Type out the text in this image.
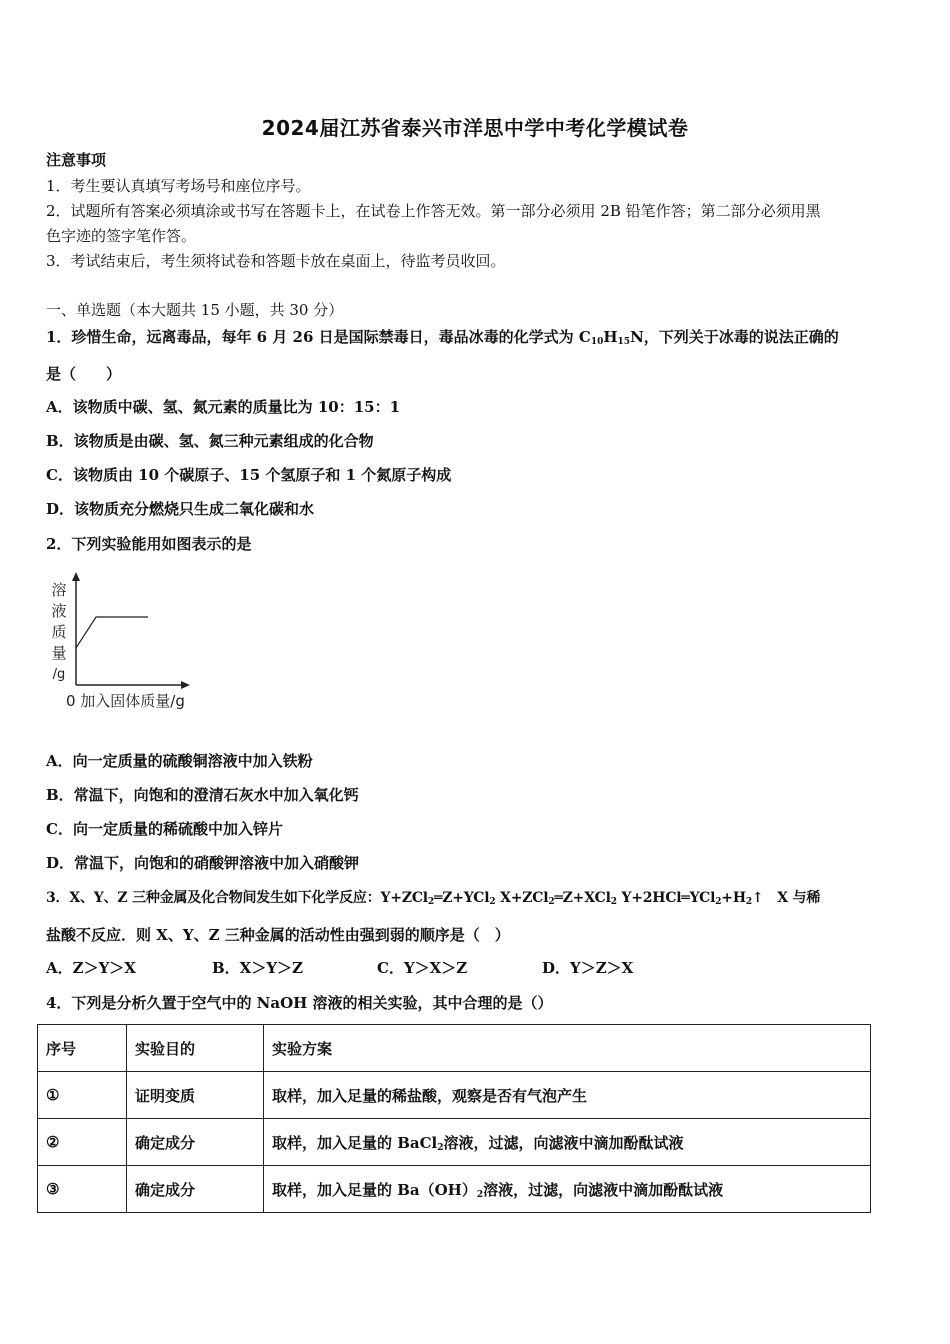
2024届江苏省泰兴市洋思中学中考化学模试卷
注意事项
1．考生要认真填写考场号和座位序号。
2．试题所有答案必须填涂或书写在答题卡上，在试卷上作答无效。第一部分必须用 2B 铅笔作答；第二部分必须用黑
色字迹的签字笔作答。
3．考试结束后，考生须将试卷和答题卡放在桌面上，待监考员收回。
一、单选题（本大题共 15 小题，共 30 分）
1．珍惜生命，远离毒品，每年 6 月 26 日是国际禁毒日，毒品冰毒的化学式为 $C_{10}H_{15}N$，下列关于冰毒的说法正确的
是（　　）
A．该物质中碳、氢、氮元素的质量比为 10：15：1
B．该物质是由碳、氢、氮三种元素组成的化合物
C．该物质由 10 个碳原子、15 个氢原子和 1 个氮原子构成
D．该物质充分燃烧只生成二氧化碳和水
2．下列实验能用如图表示的是
溶
液
质
量
/g
0 加入固体质量/g
A．向一定质量的硫酸铜溶液中加入铁粉
B．常温下，向饱和的澄清石灰水中加入氧化钙
C．向一定质量的稀硫酸中加入锌片
D．常温下，向饱和的硝酸钾溶液中加入硝酸钾
3．X、Y、Z 三种金属及化合物间发生如下化学反应：Y+ZCl$_2$═Z+YCl$_2$ X+ZCl$_2$═Z+XCl$_2$ $Y+2HCl═YCl_2+H_2↑$　X 与稀
盐酸不反应．则 X、Y、Z 三种金属的活动性由强到弱的顺序是（　）
A．Z＞Y＞X	B．X＞Y＞Z	C．Y＞X＞Z	D．Y＞Z＞X
4．下列是分析久置于空气中的 NaOH 溶液的相关实验，其中合理的是（）
序号	实验目的	实验方案
①	证明变质	取样，加入足量的稀盐酸，观察是否有气泡产生
②	确定成分	取样，加入足量的 BaCl$_2$溶液，过滤，向滤液中滴加酚酞试液
③	确定成分	取样，加入足量的 $Ba(OH)_2$溶液，过滤，向滤液中滴加酚酞试液
